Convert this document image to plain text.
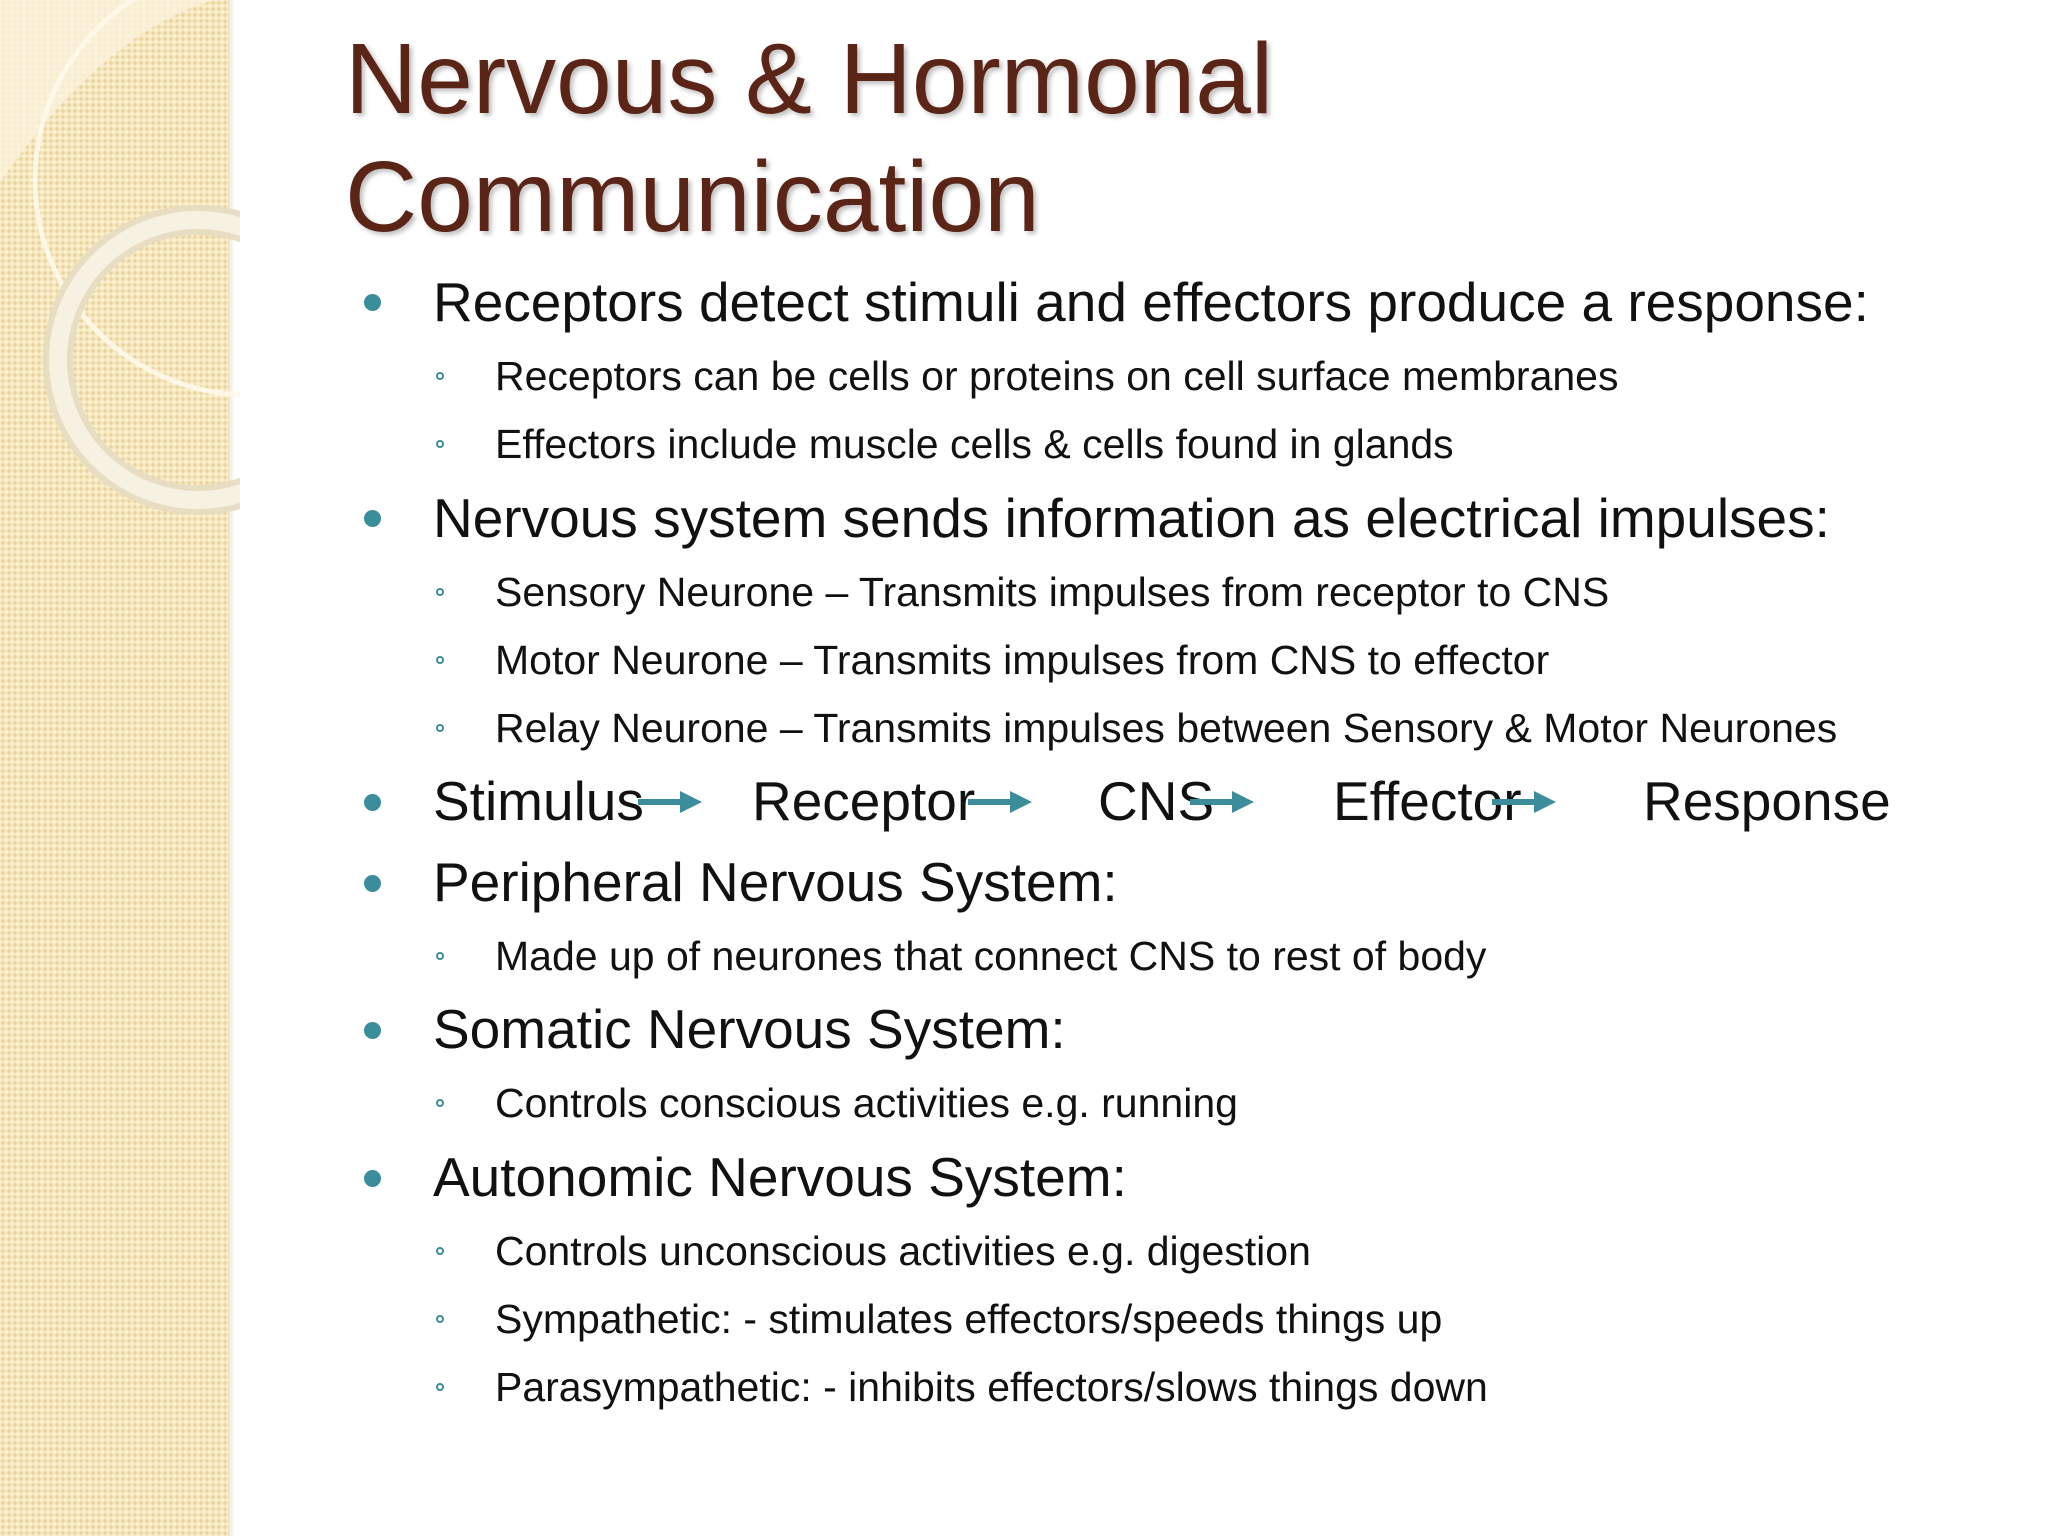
Nervous & Hormonal
Communication
Receptors detect stimuli and effectors produce a response:
Receptors can be cells or proteins on cell surface membranes
Effectors include muscle cells & cells found in glands
Nervous system sends information as electrical impulses:
Sensory Neurone – Transmits impulses from receptor to CNS
Motor Neurone – Transmits impulses from CNS to effector
Relay Neurone – Transmits impulses between Sensory & Motor Neurones
Stimulus Receptor CNS Effector Response
Peripheral Nervous System:
Made up of neurones that connect CNS to rest of body
Somatic Nervous System:
Controls conscious activities e.g. running
Autonomic Nervous System:
Controls unconscious activities e.g. digestion
Sympathetic: - stimulates effectors/speeds things up
Parasympathetic: - inhibits effectors/slows things down
